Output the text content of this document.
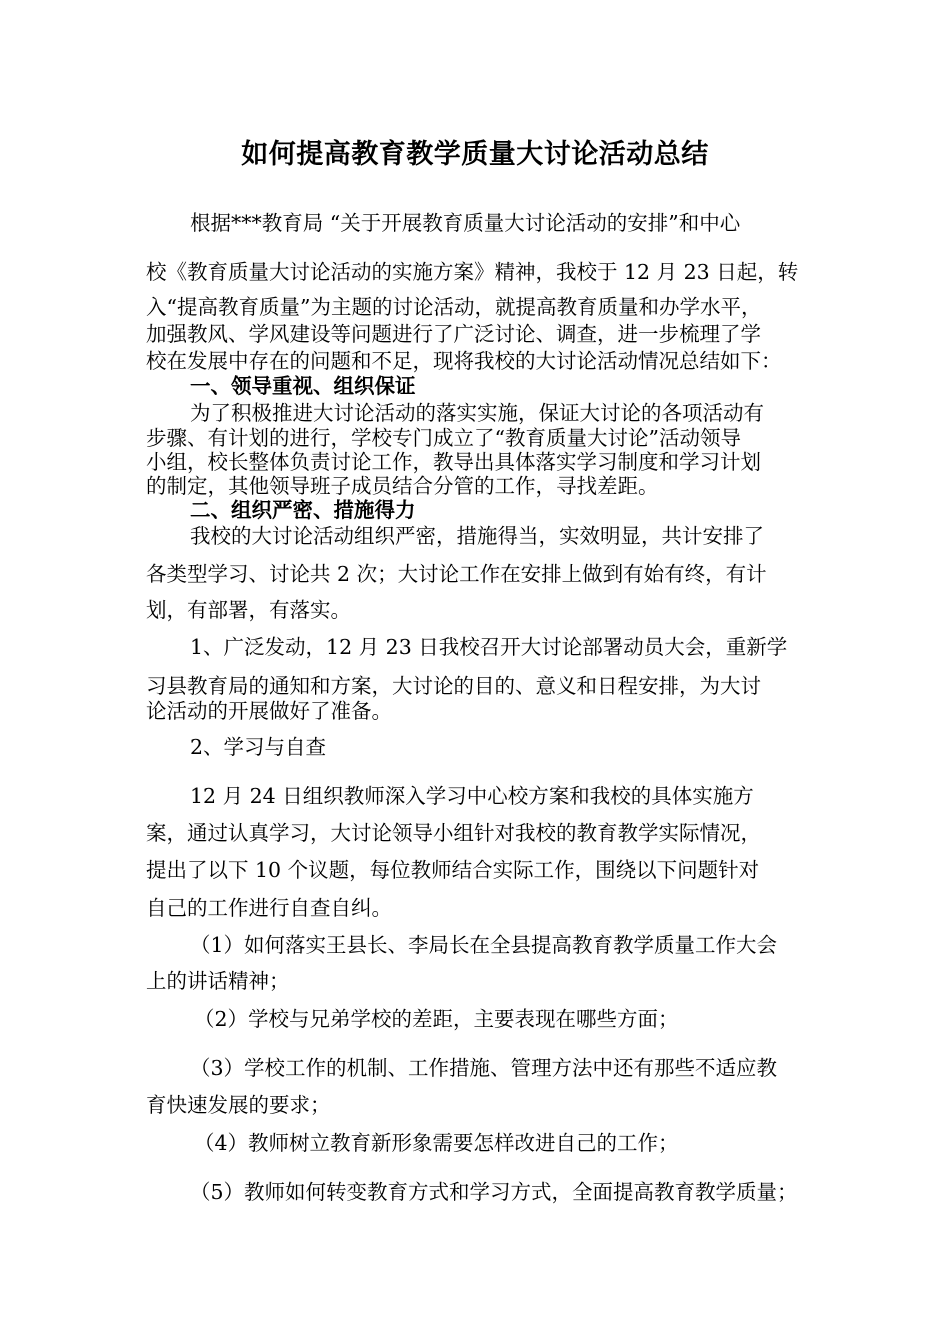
如何提高教育教学质量大讨论活动总结

根据***教育局 “关于开展教育质量大讨论活动的安排”和中心

校《教育质量大讨论活动的实施方案》精神，我校于 12 月 23 日起，转

入“提高教育质量”为主题的讨论活动，就提高教育质量和办学水平，

加强教风、学风建设等问题进行了广泛讨论、调查，进一步梳理了学

校在发展中存在的问题和不足，现将我校的大讨论活动情况总结如下：

一、领导重视、组织保证

为了积极推进大讨论活动的落实实施，保证大讨论的各项活动有

步骤、有计划的进行，学校专门成立了“教育质量大讨论”活动领导

小组，校长整体负责讨论工作，教导出具体落实学习制度和学习计划

的制定，其他领导班子成员结合分管的工作，寻找差距。

二、组织严密、措施得力

我校的大讨论活动组织严密，措施得当，实效明显，共计安排了

各类型学习、讨论共 2 次；大讨论工作在安排上做到有始有终，有计

划，有部署，有落实。

1、广泛发动，12 月 23 日我校召开大讨论部署动员大会，重新学

习县教育局的通知和方案，大讨论的目的、意义和日程安排，为大讨

论活动的开展做好了准备。

2、学习与自查

12 月 24 日组织教师深入学习中心校方案和我校的具体实施方

案，通过认真学习，大讨论领导小组针对我校的教育教学实际情况，

提出了以下 10 个议题，每位教师结合实际工作，围绕以下问题针对

自己的工作进行自查自纠。

（1）如何落实王县长、李局长在全县提高教育教学质量工作大会

上的讲话精神；

（2）学校与兄弟学校的差距，主要表现在哪些方面；

（3）学校工作的机制、工作措施、管理方法中还有那些不适应教

育快速发展的要求；

（4）教师树立教育新形象需要怎样改进自己的工作；

（5）教师如何转变教育方式和学习方式，全面提高教育教学质量；
